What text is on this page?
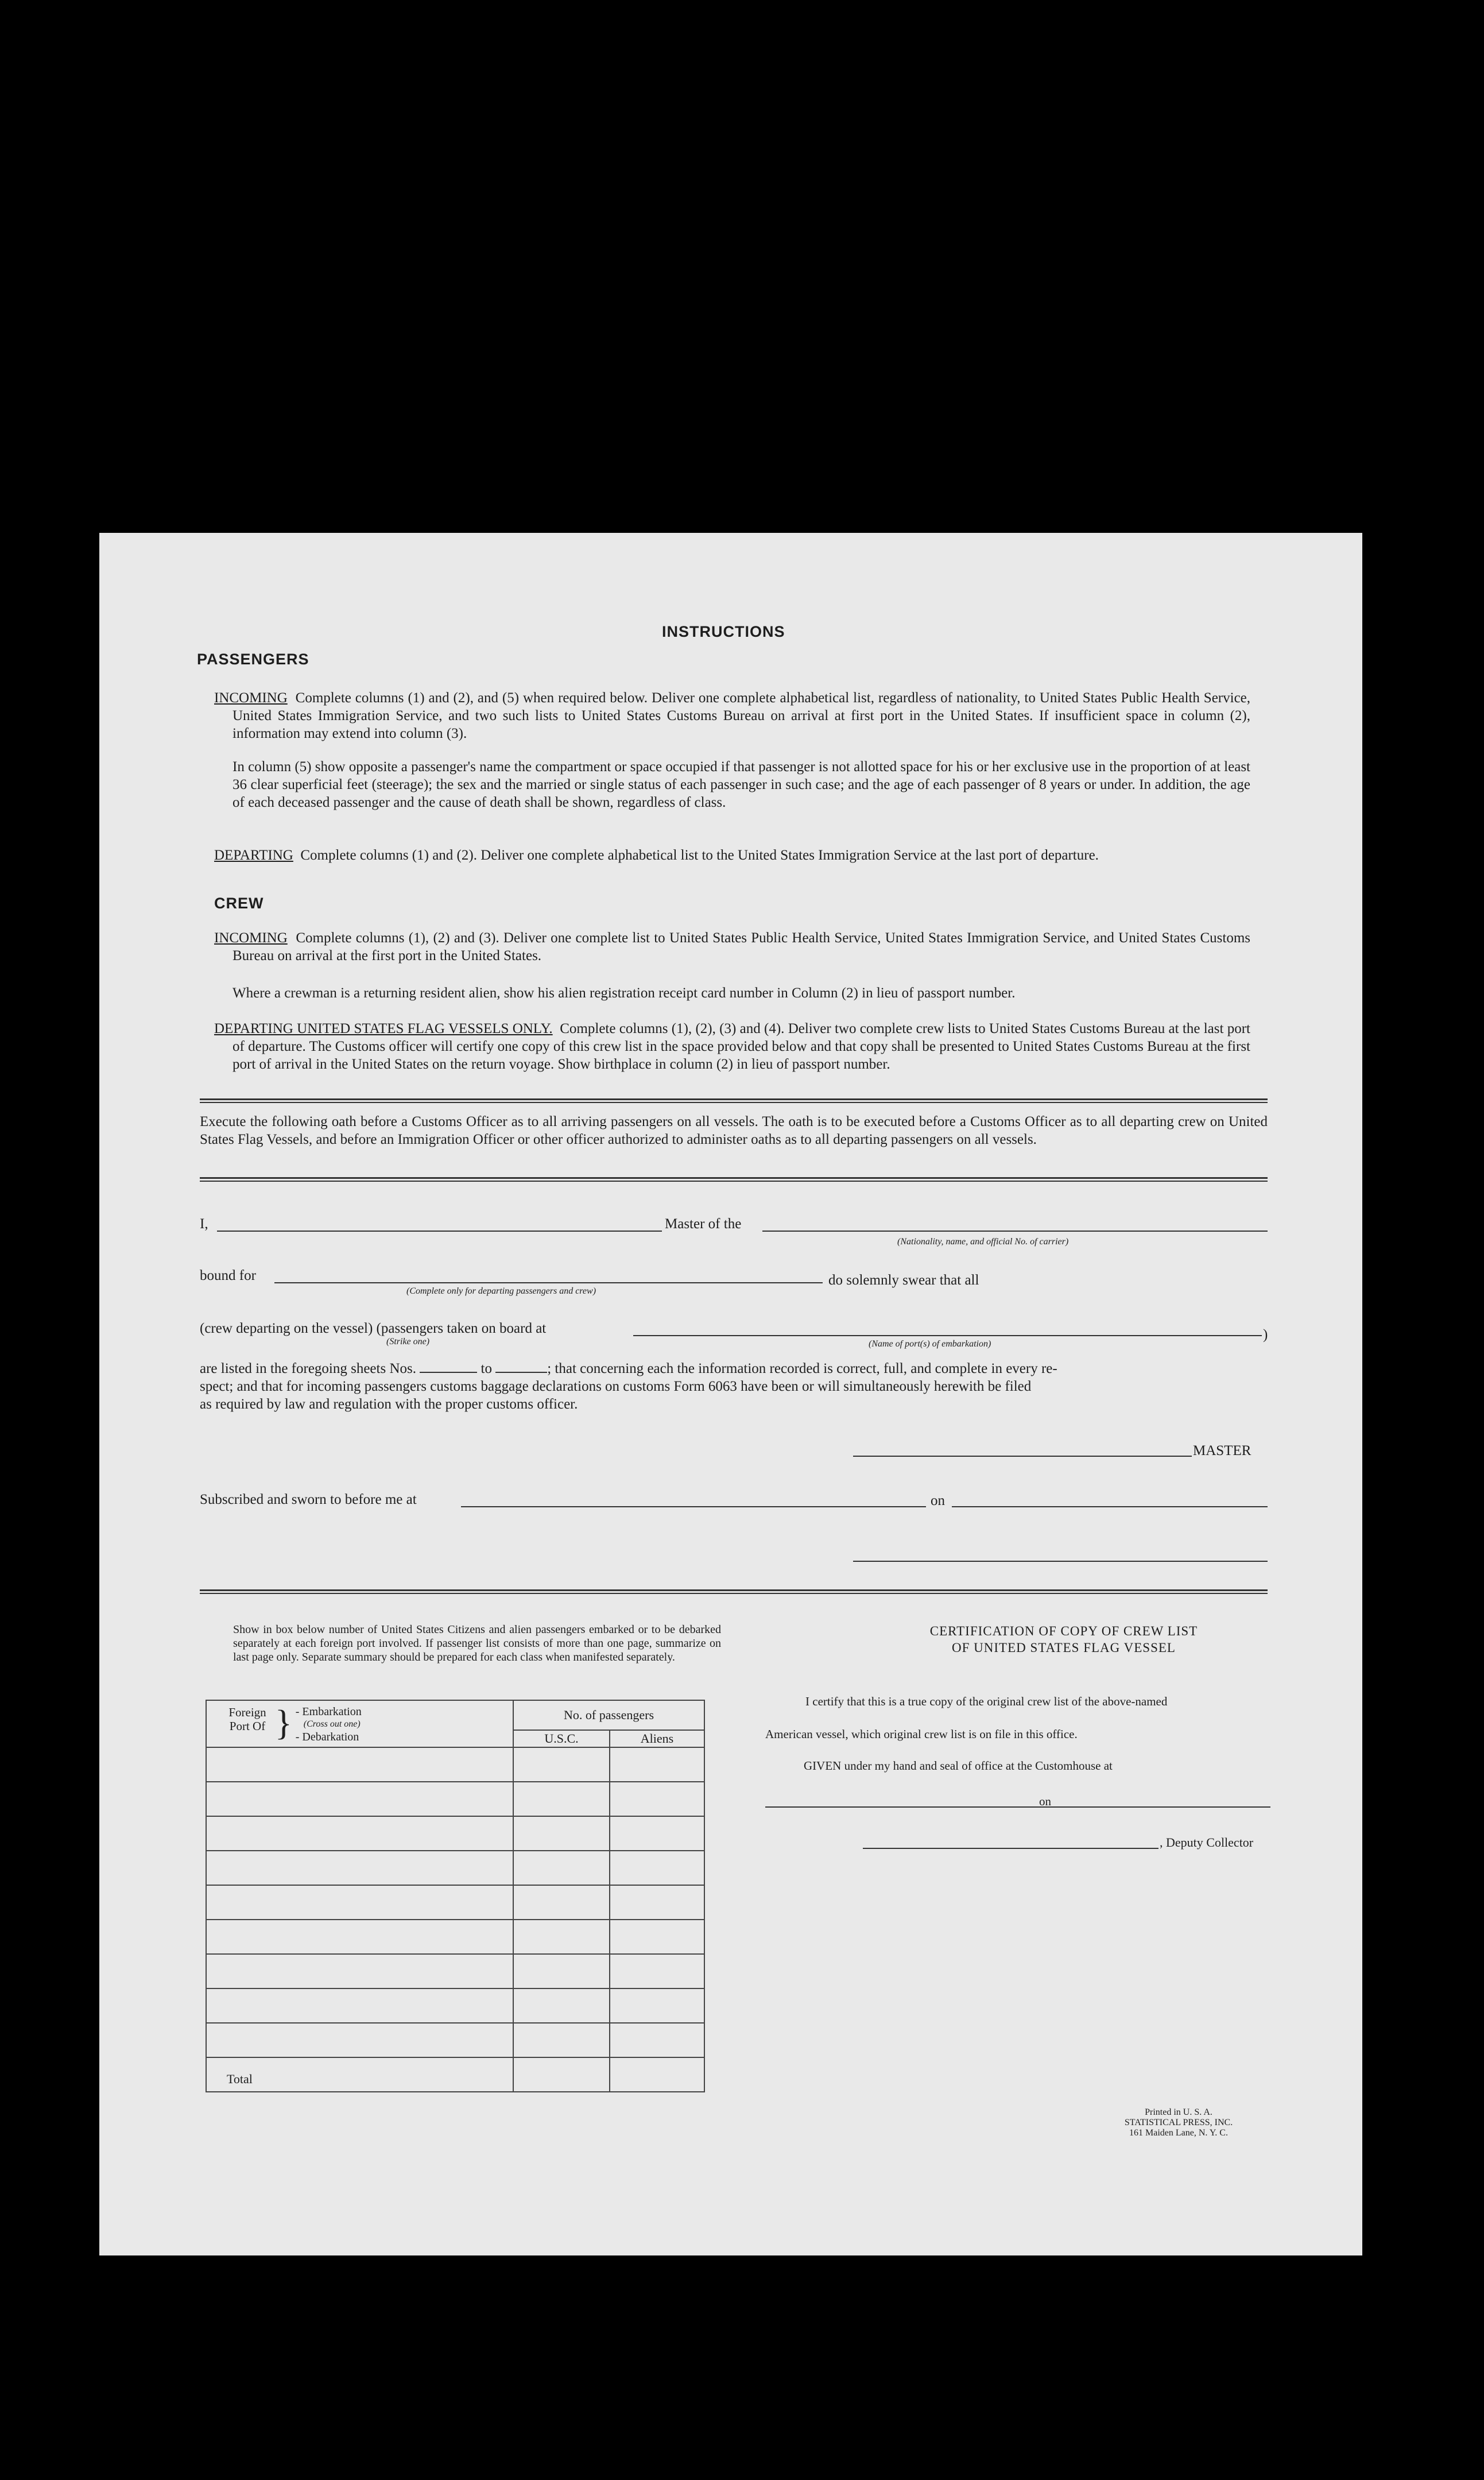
INSTRUCTIONS
PASSENGERS
INCOMING Complete columns (1) and (2), and (5) when required below. Deliver one complete alphabetical list, regardless of nationality, to United States Public Health Service, United States Immigration Service, and two such lists to United States Customs Bureau on arrival at first port in the United States. If insufficient space in column (2), information may extend into column (3).
In column (5) show opposite a passenger's name the compartment or space occupied if that passenger is not allotted space for his or her exclusive use in the proportion of at least 36 clear superficial feet (steerage); the sex and the married or single status of each passenger in such case; and the age of each passenger of 8 years or under. In addition, the age of each deceased passenger and the cause of death shall be shown, regardless of class.
DEPARTING Complete columns (1) and (2). Deliver one complete alphabetical list to the United States Immigration Service at the last port of departure.
CREW
INCOMING Complete columns (1), (2) and (3). Deliver one complete list to United States Public Health Service, United States Immigration Service, and United States Customs Bureau on arrival at the first port in the United States.
Where a crewman is a returning resident alien, show his alien registration receipt card number in Column (2) in lieu of passport number.
DEPARTING UNITED STATES FLAG VESSELS ONLY. Complete columns (1), (2), (3) and (4). Deliver two complete crew lists to United States Customs Bureau at the last port of departure. The Customs officer will certify one copy of this crew list in the space provided below and that copy shall be presented to United States Customs Bureau at the first port of arrival in the United States on the return voyage. Show birthplace in column (2) in lieu of passport number.
Execute the following oath before a Customs Officer as to all arriving passengers on all vessels. The oath is to be executed before a Customs Officer as to all departing crew on United States Flag Vessels, and before an Immigration Officer or other officer authorized to administer oaths as to all departing passengers on all vessels.
I,	Master of the
(Nationality, name, and official No. of carrier)
bound for
(Complete only for departing passengers and crew)
do solemnly swear that all
(crew departing on the vessel) (passengers taken on board at
(Strike one)	(Name of port(s) of embarkation)
)
are listed in the foregoing sheets Nos.	to	; that concerning each the information recorded is correct, full, and complete in every re-
spect; and that for incoming passengers customs baggage declarations on customs Form 6063 have been or will simultaneously herewith be filed
as required by law and regulation with the proper customs officer.
MASTER
Subscribed and sworn to before me at	on
Show in box below number of United States Citizens and alien passengers embarked or to be debarked separately at each foreign port involved. If passenger list consists of more than one page, summarize on last page only. Separate summary should be prepared for each class when manifested separately.
Foreign Port Of } - Embarkation
(Cross out one)
- Debarkation	No. of passengers	
	U.S.C.	Aliens

Total		
CERTIFICATION OF COPY OF CREW LIST
OF UNITED STATES FLAG VESSEL
I certify that this is a true copy of the original crew list of the above-named
American vessel, which original crew list is on file in this office.
GIVEN under my hand and seal of office at the Customhouse at
on
, Deputy Collector
Printed in U. S. A.
STATISTICAL PRESS, INC.
161 Maiden Lane, N. Y. C.
